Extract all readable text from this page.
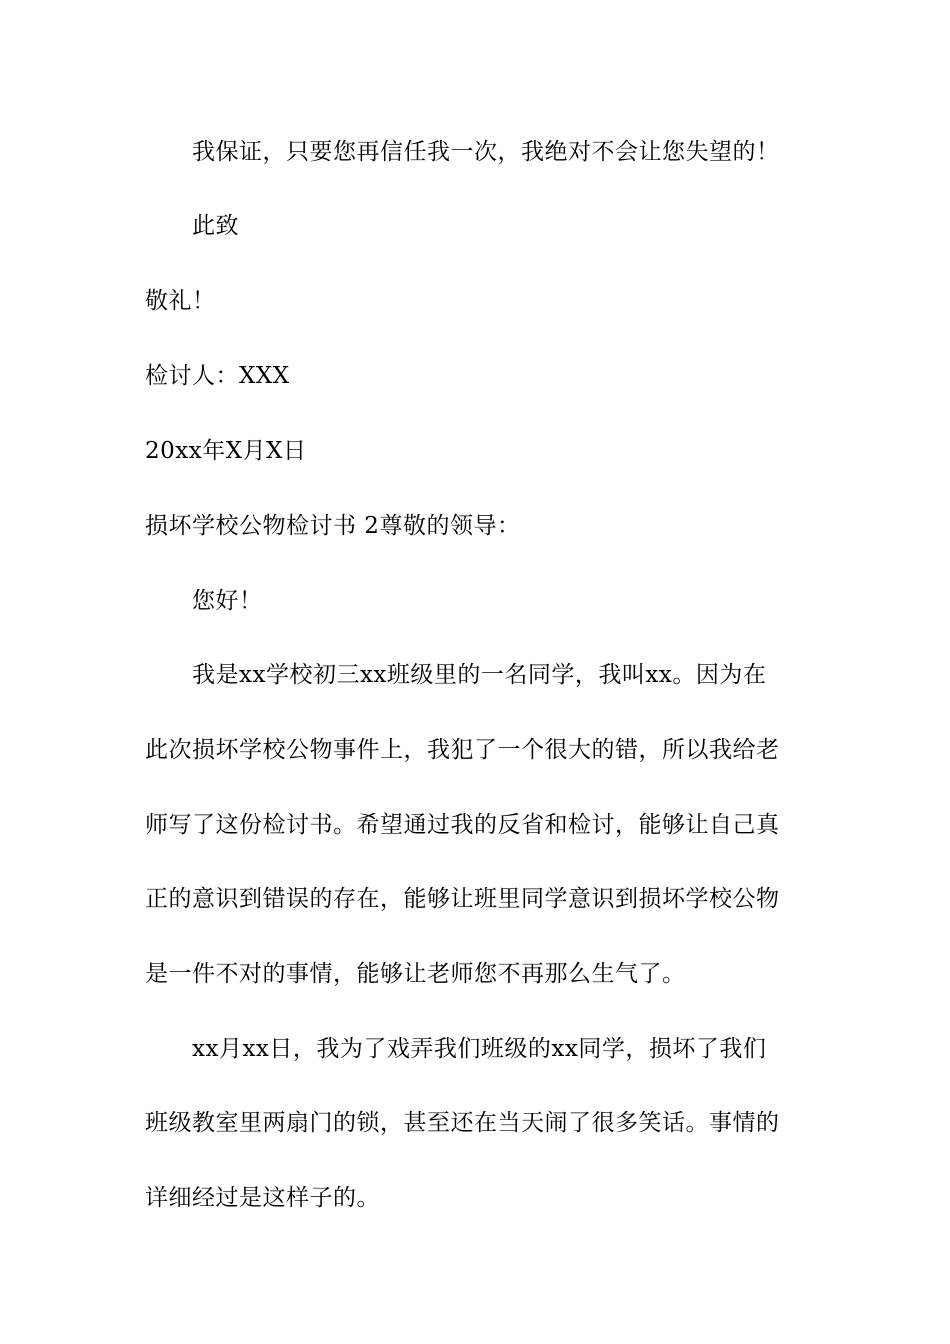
我保证，只要您再信任我一次，我绝对不会让您失望的！
此致
敬礼！
检讨人：XXX
20xx年X月X日
损坏学校公物检讨书 2尊敬的领导：
您好！
我是xx学校初三xx班级里的一名同学，我叫xx。因为在
此次损坏学校公物事件上，我犯了一个很大的错，所以我给老
师写了这份检讨书。希望通过我的反省和检讨，能够让自己真
正的意识到错误的存在，能够让班里同学意识到损坏学校公物
是一件不对的事情，能够让老师您不再那么生气了。
xx月xx日，我为了戏弄我们班级的xx同学，损坏了我们
班级教室里两扇门的锁，甚至还在当天闹了很多笑话。事情的
详细经过是这样子的。
